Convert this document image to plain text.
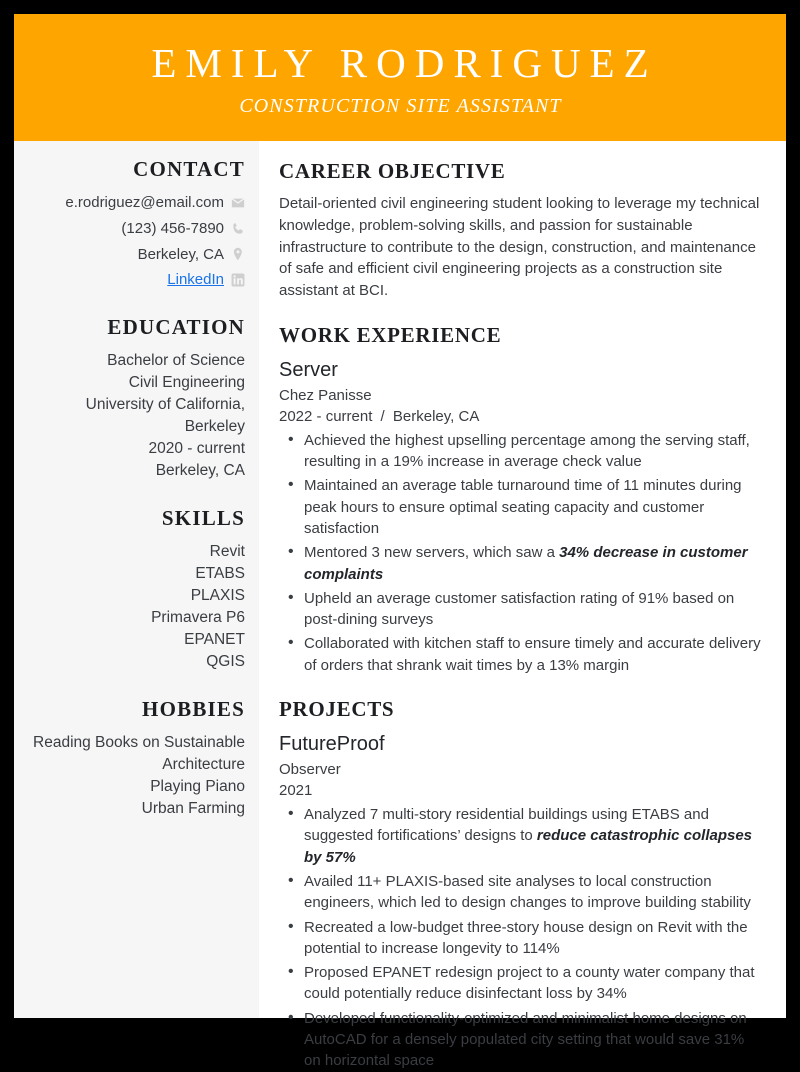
EMILY RODRIGUEZ
CONSTRUCTION SITE ASSISTANT
CONTACT
e.rodriguez@email.com
(123) 456-7890
Berkeley, CA
LinkedIn
EDUCATION
Bachelor of Science
Civil Engineering
University of California, Berkeley
2020 - current
Berkeley, CA
SKILLS
Revit
ETABS
PLAXIS
Primavera P6
EPANET
QGIS
HOBBIES
Reading Books on Sustainable Architecture
Playing Piano
Urban Farming
CAREER OBJECTIVE
Detail-oriented civil engineering student looking to leverage my technical knowledge, problem-solving skills, and passion for sustainable infrastructure to contribute to the design, construction, and maintenance of safe and efficient civil engineering projects as a construction site assistant at BCI.
WORK EXPERIENCE
Server
Chez Panisse
2022 - current / Berkeley, CA
• Achieved the highest upselling percentage among the serving staff, resulting in a 19% increase in average check value
• Maintained an average table turnaround time of 11 minutes during peak hours to ensure optimal seating capacity and customer satisfaction
• Mentored 3 new servers, which saw a 34% decrease in customer complaints
• Upheld an average customer satisfaction rating of 91% based on post-dining surveys
• Collaborated with kitchen staff to ensure timely and accurate delivery of orders that shrank wait times by a 13% margin
PROJECTS
FutureProof
Observer
2021
• Analyzed 7 multi-story residential buildings using ETABS and suggested fortifications’ designs to reduce catastrophic collapses by 57%
• Availed 11+ PLAXIS-based site analyses to local construction engineers, which led to design changes to improve building stability
• Recreated a low-budget three-story house design on Revit with the potential to increase longevity to 114%
• Proposed EPANET redesign project to a county water company that could potentially reduce disinfectant loss by 34%
• Developed functionality-optimized and minimalist home designs on AutoCAD for a densely populated city setting that would save 31% on horizontal space
